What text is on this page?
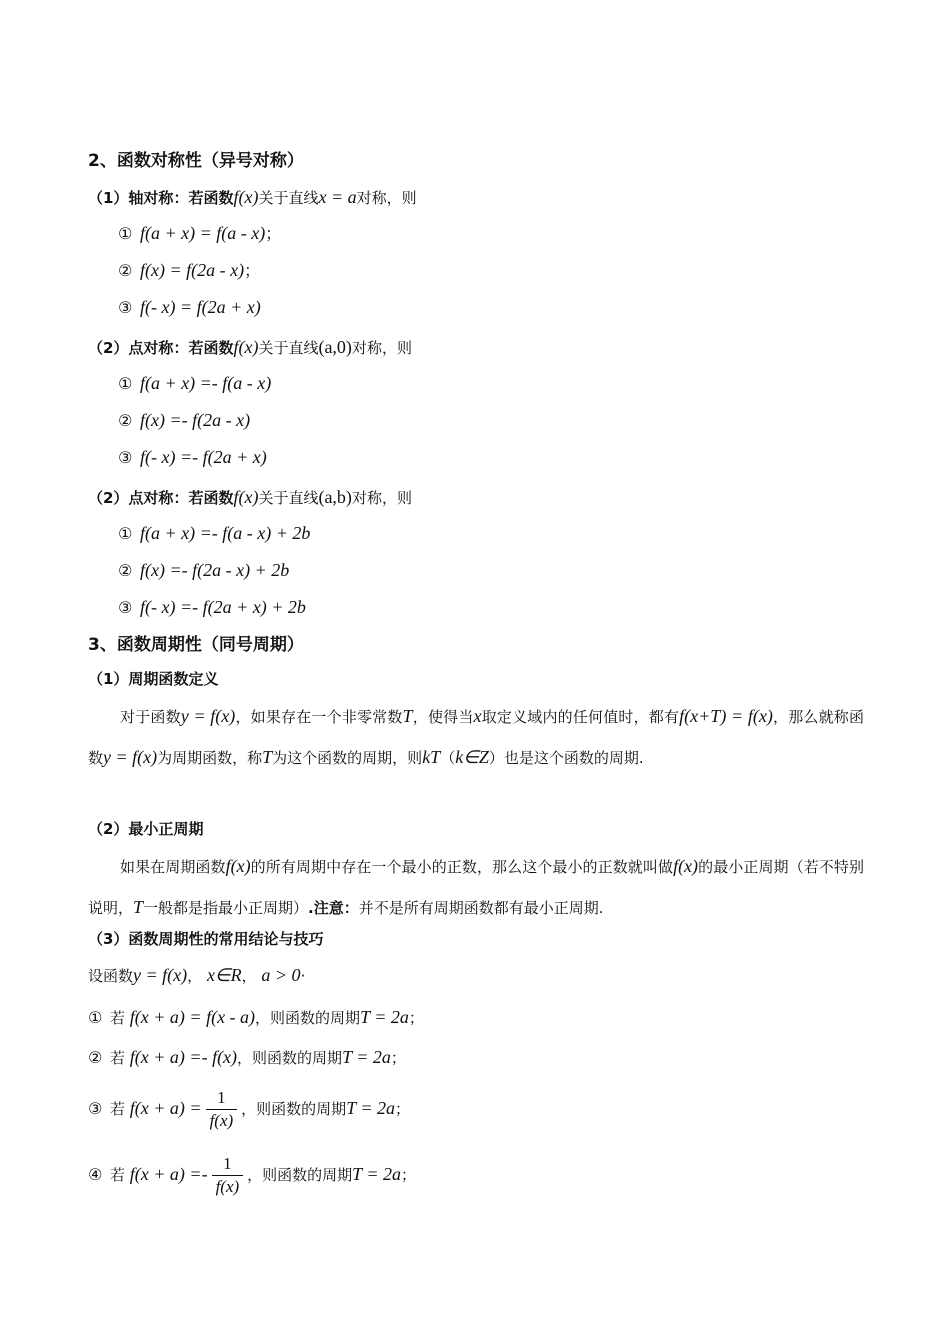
2、函数对称性（异号对称）
（1）轴对称：若函数f(x)关于直线x = a对称，则
① f(a + x) = f(a - x)；
② f(x) = f(2a - x)；
③ f(- x) = f(2a + x)
（2）点对称：若函数f(x)关于直线(a,0)对称，则
① f(a + x) =- f(a - x)
② f(x) =- f(2a - x)
③ f(- x) =- f(2a + x)
（2）点对称：若函数f(x)关于直线(a,b)对称，则
① f(a + x) =- f(a - x) + 2b
② f(x) =- f(2a - x) + 2b
③ f(- x) =- f(2a + x) + 2b
3、函数周期性（同号周期）
（1）周期函数定义
对于函数y = f(x)，如果存在一个非零常数T，使得当x取定义域内的任何值时，都有f(x+T) = f(x)，那么就称函数y = f(x)为周期函数，称T为这个函数的周期，则kT（k∈Z）也是这个函数的周期.
（2）最小正周期
如果在周期函数f(x)的所有周期中存在一个最小的正数，那么这个最小的正数就叫做f(x)的最小正周期（若不特别说明，T一般都是指最小正周期）.注意：并不是所有周期函数都有最小正周期.
（3）函数周期性的常用结论与技巧
设函数y = f(x)， x∈R， a > 0·
① 若 f(x + a) = f(x - a)，则函数的周期T = 2a；
② 若 f(x + a) =- f(x)，则函数的周期T = 2a；
③ 若 $f(x + a) = \frac{1}{f(x)}$ ，则函数的周期T = 2a；
④ 若 $f(x + a) =- \frac{1}{f(x)}$ ，则函数的周期T = 2a；
